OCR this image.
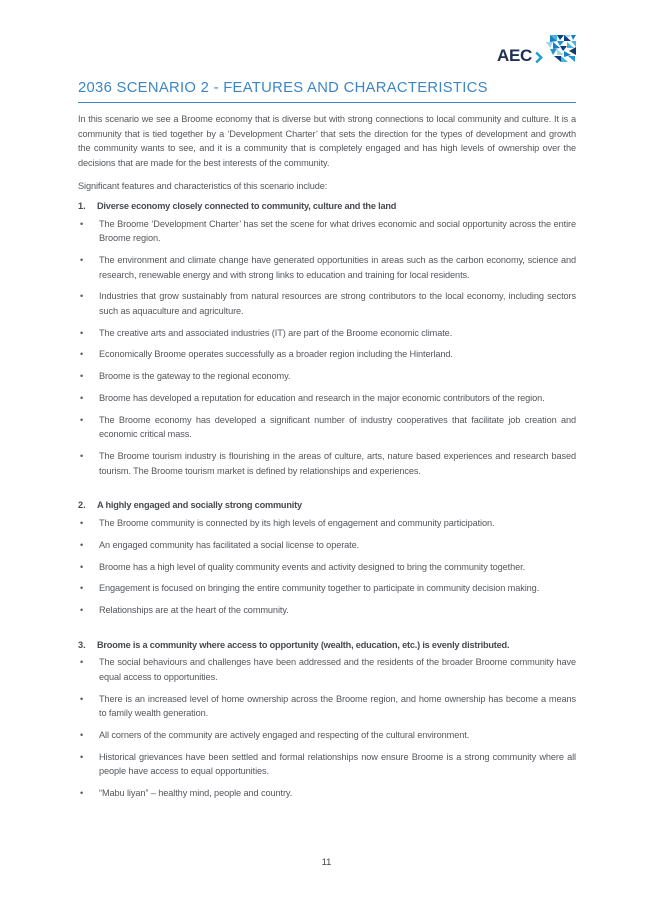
AEC
2036 SCENARIO 2 - FEATURES AND CHARACTERISTICS

In this scenario we see a Broome economy that is diverse but with strong connections to local community and culture. It is a community that is tied together by a ‘Development Charter’ that sets the direction for the types of development and growth the community wants to see, and it is a community that is completely engaged and has high levels of ownership over the decisions that are made for the best interests of the community.

Significant features and characteristics of this scenario include:

1.	Diverse economy closely connected to community, culture and the land
•	The Broome ‘Development Charter’ has set the scene for what drives economic and social opportunity across the entire Broome region.
•	The environment and climate change have generated opportunities in areas such as the carbon economy, science and research, renewable energy and with strong links to education and training for local residents.
•	Industries that grow sustainably from natural resources are strong contributors to the local economy, including sectors such as aquaculture and agriculture.
•	The creative arts and associated industries (IT) are part of the Broome economic climate.
•	Economically Broome operates successfully as a broader region including the Hinterland.
•	Broome is the gateway to the regional economy.
•	Broome has developed a reputation for education and research in the major economic contributors of the region.
•	The Broome economy has developed a significant number of industry cooperatives that facilitate job creation and economic critical mass.
•	The Broome tourism industry is flourishing in the areas of culture, arts, nature based experiences and research based tourism. The Broome tourism market is defined by relationships and experiences.
2.	A highly engaged and socially strong community
•	The Broome community is connected by its high levels of engagement and community participation.
•	An engaged community has facilitated a social license to operate.
•	Broome has a high level of quality community events and activity designed to bring the community together.
•	Engagement is focused on bringing the entire community together to participate in community decision making.
•	Relationships are at the heart of the community.
3.	Broome is a community where access to opportunity (wealth, education, etc.) is evenly distributed.
•	The social behaviours and challenges have been addressed and the residents of the broader Broome community have equal access to opportunities.
•	There is an increased level of home ownership across the Broome region, and home ownership has become a means to family wealth generation.
•	All corners of the community are actively engaged and respecting of the cultural environment.
•	Historical grievances have been settled and formal relationships now ensure Broome is a strong community where all people have access to equal opportunities.
•	“Mabu liyan” – healthy mind, people and country.
11
